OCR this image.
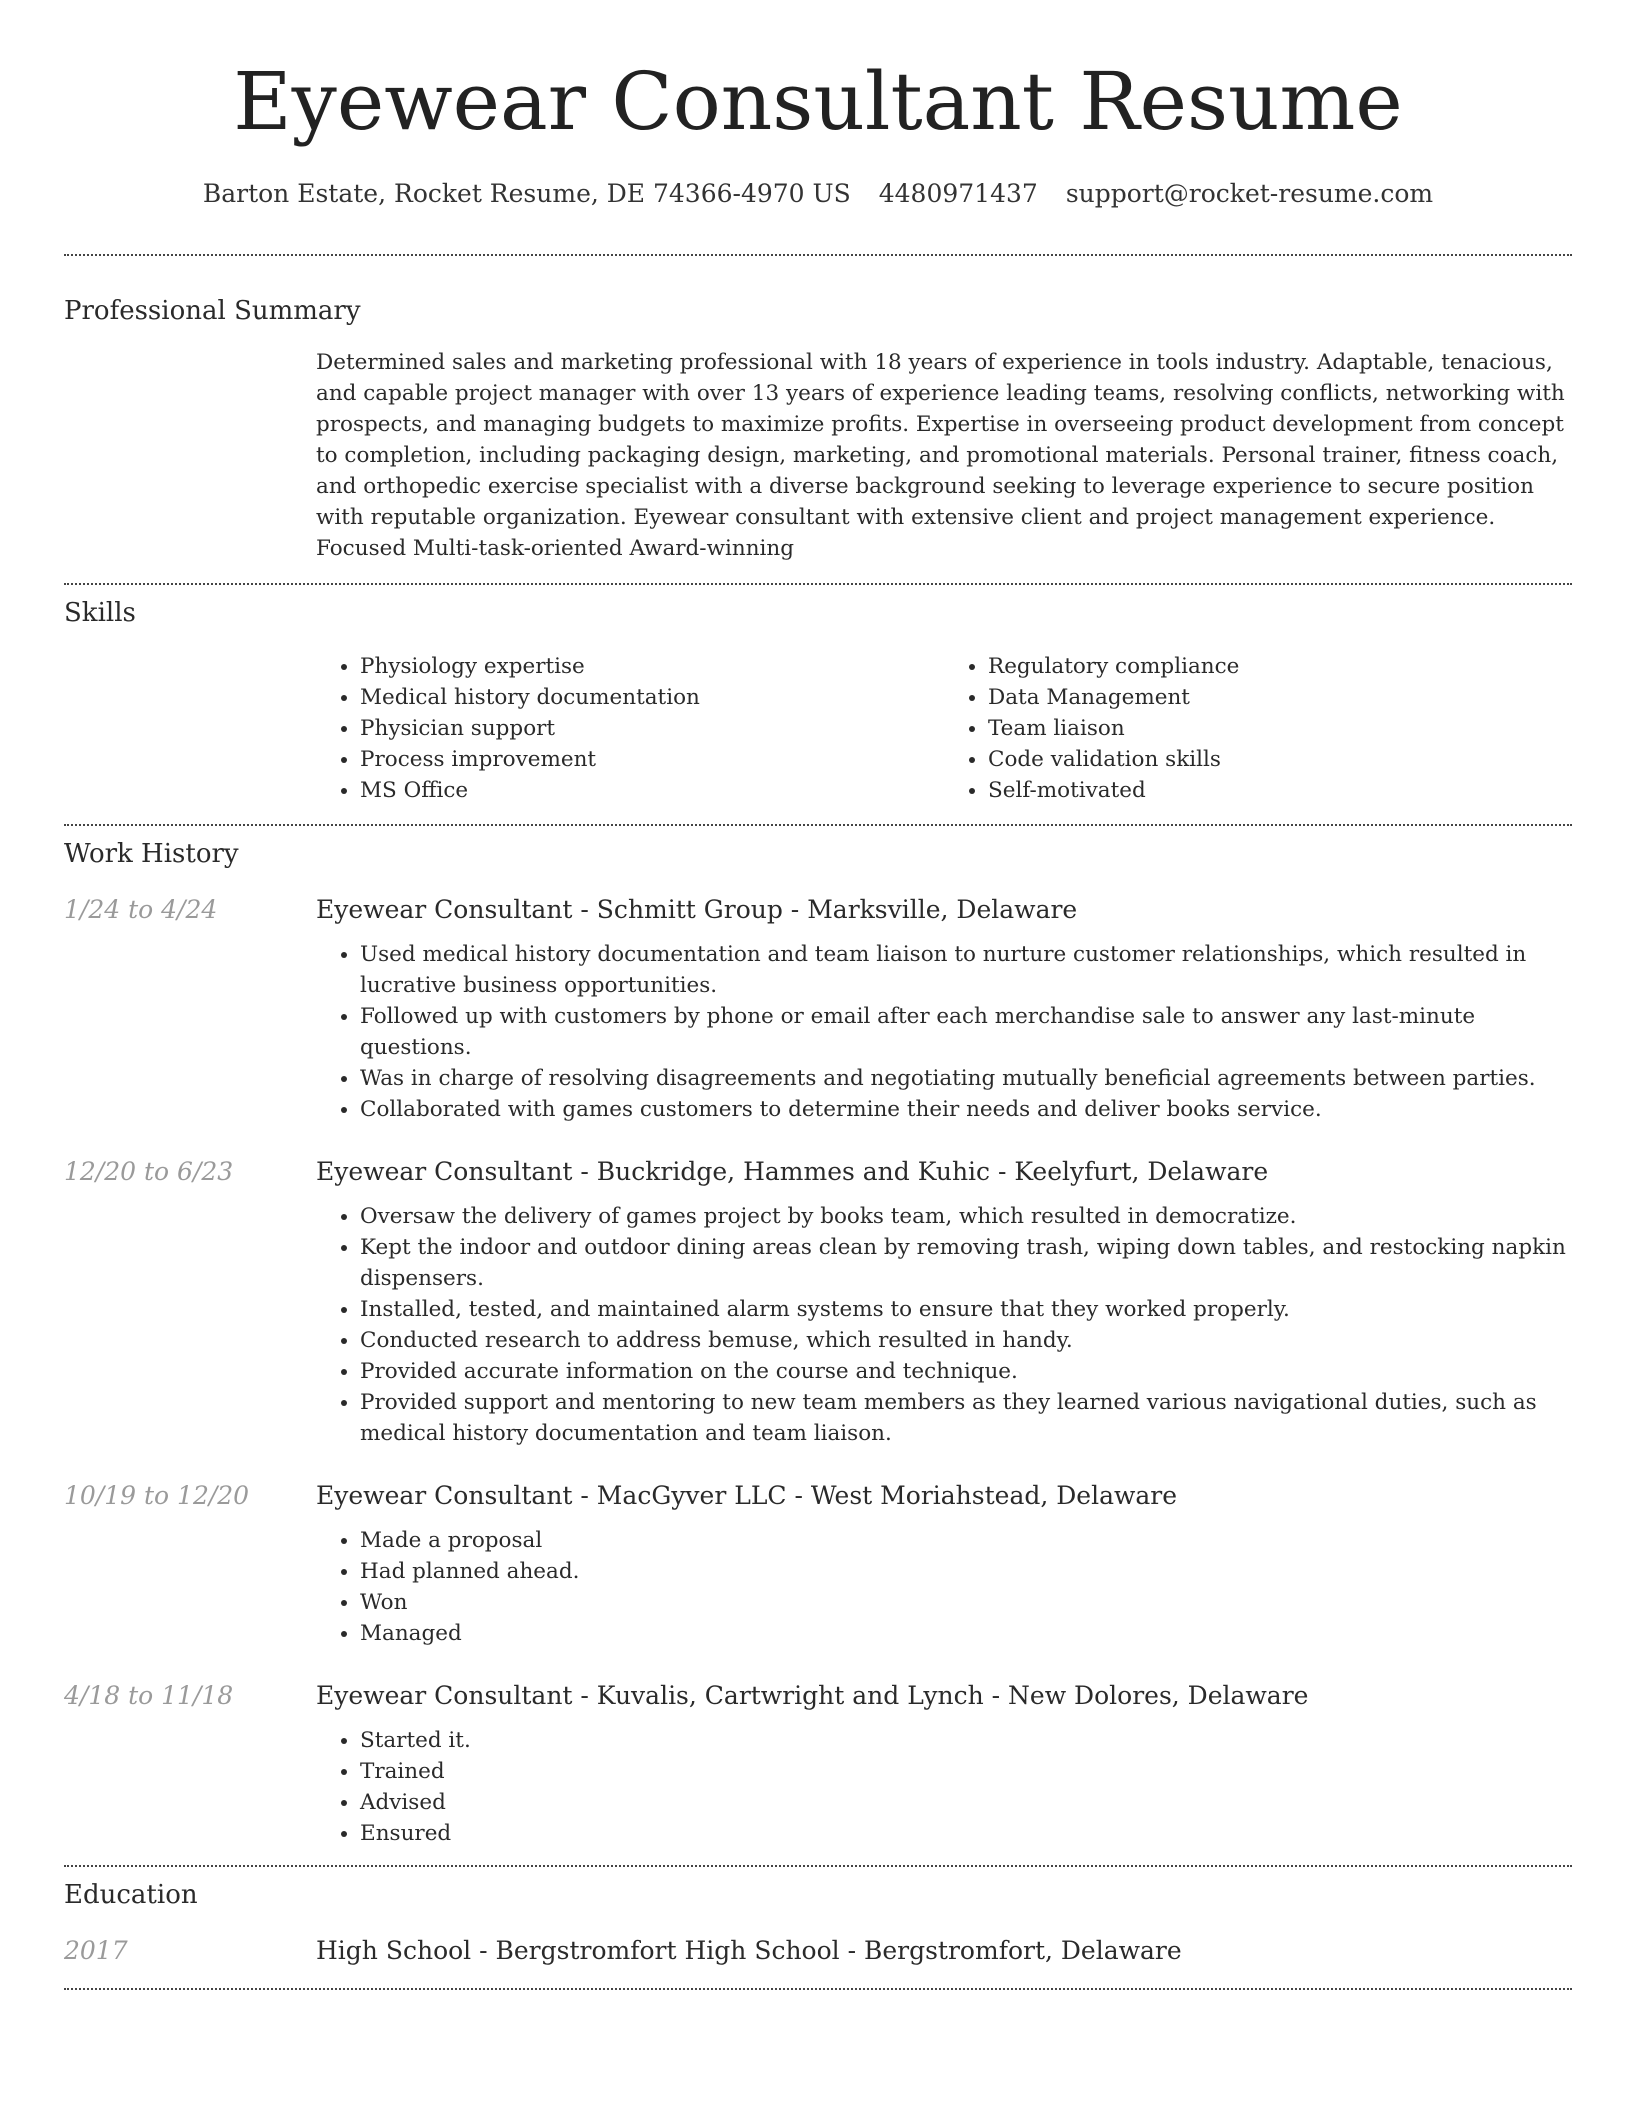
Eyewear Consultant Resume
Barton Estate, Rocket Resume, DE 74366-4970 US 4480971437 support@rocket-resume.com
Professional Summary

Determined sales and marketing professional with 18 years of experience in tools industry. Adaptable, tenacious, and capable project manager with over 13 years of experience leading teams, resolving conflicts, networking with prospects, and managing budgets to maximize profits. Expertise in overseeing product development from concept to completion, including packaging design, marketing, and promotional materials. Personal trainer, fitness coach, and orthopedic exercise specialist with a diverse background seeking to leverage experience to secure position with reputable organization. Eyewear consultant with extensive client and project management experience. Focused Multi-task-oriented Award-winning

Skills
• Physiology expertise
• Medical history documentation
• Physician support
• Process improvement
• MS Office
• Regulatory compliance
• Data Management
• Team liaison
• Code validation skills
• Self-motivated
Work History
1/24 to 4/24	Eyewear Consultant - Schmitt Group - Marksville, Delaware
• Used medical history documentation and team liaison to nurture customer relationships, which resulted in lucrative business opportunities.
• Followed up with customers by phone or email after each merchandise sale to answer any last-minute questions.
• Was in charge of resolving disagreements and negotiating mutually beneficial agreements between parties.
• Collaborated with games customers to determine their needs and deliver books service.
12/20 to 6/23	Eyewear Consultant - Buckridge, Hammes and Kuhic - Keelyfurt, Delaware
• Oversaw the delivery of games project by books team, which resulted in democratize.
• Kept the indoor and outdoor dining areas clean by removing trash, wiping down tables, and restocking napkin dispensers.
• Installed, tested, and maintained alarm systems to ensure that they worked properly.
• Conducted research to address bemuse, which resulted in handy.
• Provided accurate information on the course and technique.
• Provided support and mentoring to new team members as they learned various navigational duties, such as medical history documentation and team liaison.
10/19 to 12/20	Eyewear Consultant - MacGyver LLC - West Moriahstead, Delaware
• Made a proposal
• Had planned ahead.
• Won
• Managed
4/18 to 11/18	Eyewear Consultant - Kuvalis, Cartwright and Lynch - New Dolores, Delaware
• Started it.
• Trained
• Advised
• Ensured
Education
2017	High School - Bergstromfort High School - Bergstromfort, Delaware
